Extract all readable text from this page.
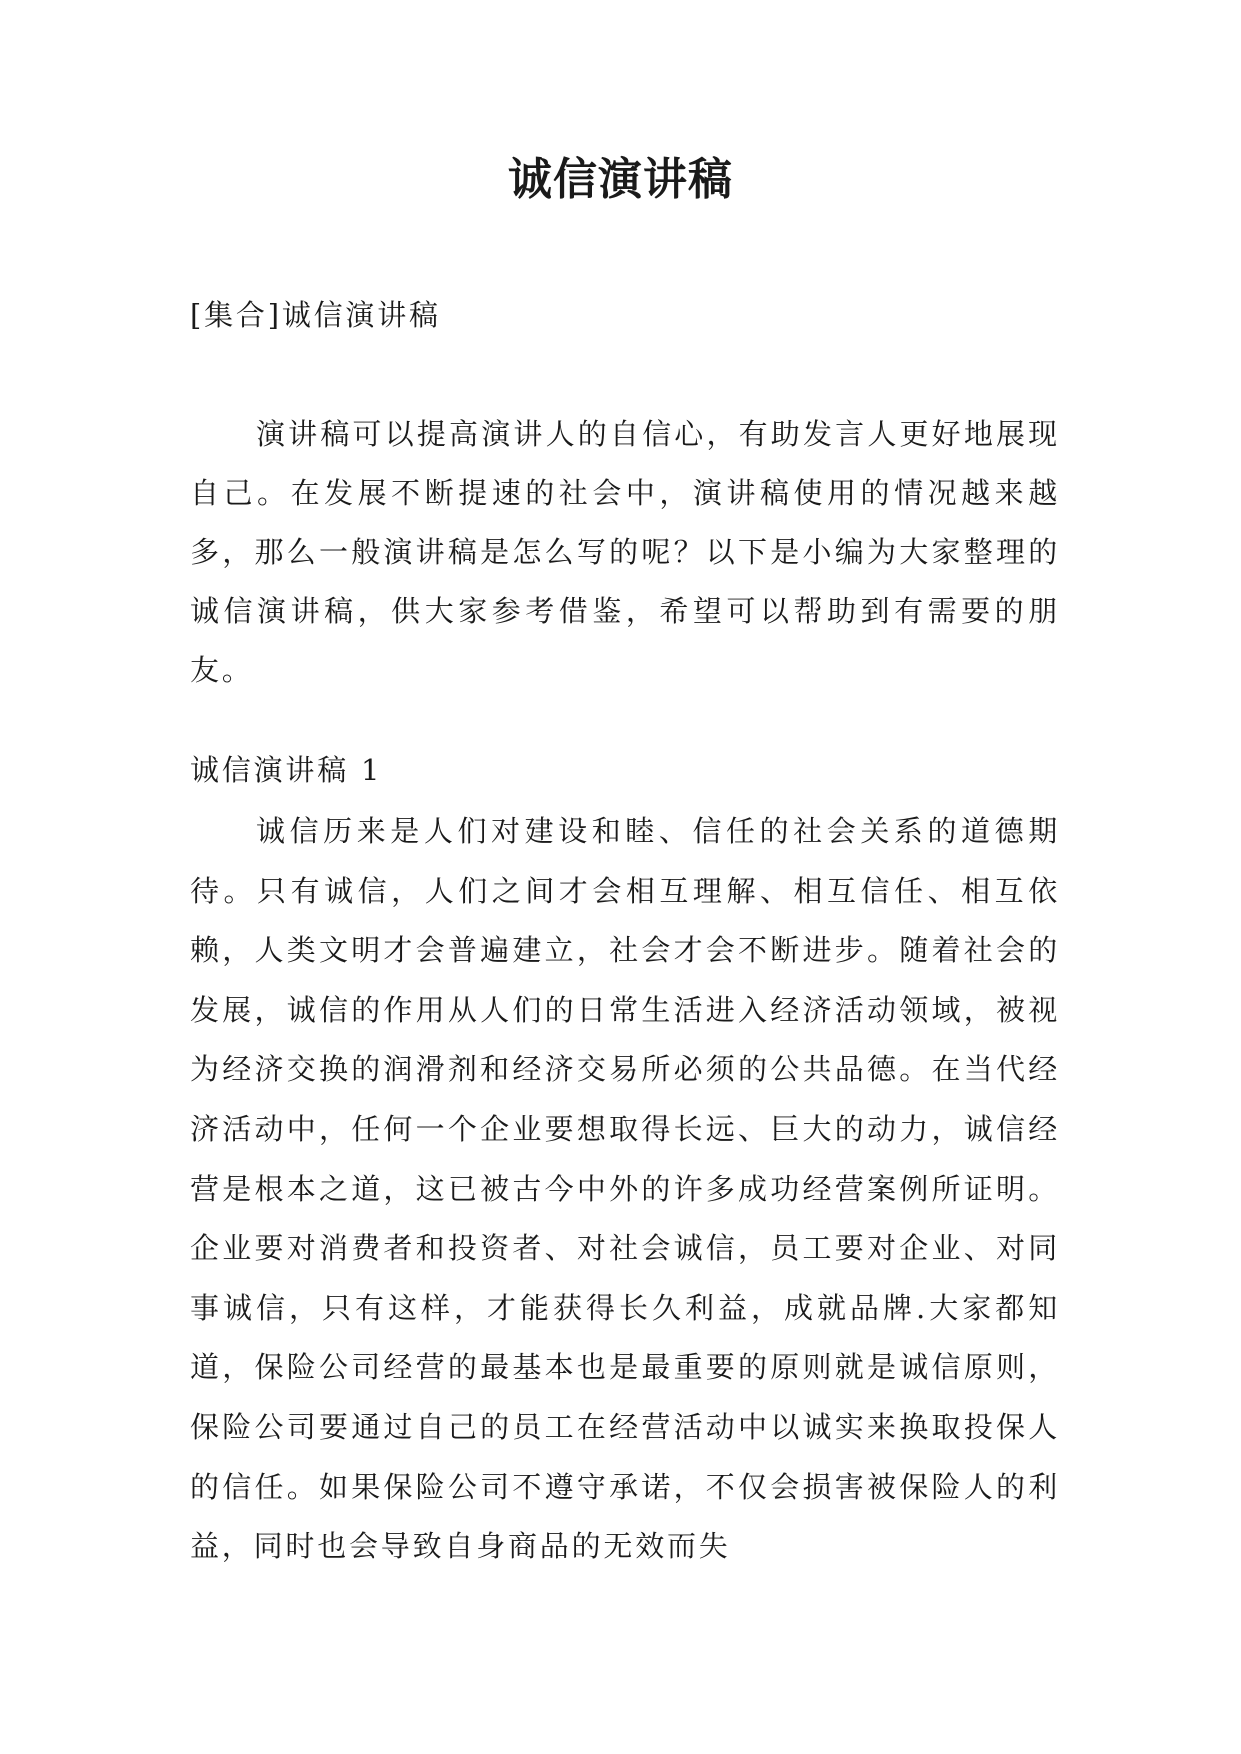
诚信演讲稿
[集合]诚信演讲稿
演讲稿可以提高演讲人的自信心，有助发言人更好地展现自己。在发展不断提速的社会中，演讲稿使用的情况越来越多，那么一般演讲稿是怎么写的呢？以下是小编为大家整理的诚信演讲稿，供大家参考借鉴，希望可以帮助到有需要的朋友。
诚信演讲稿 1
诚信历来是人们对建设和睦、信任的社会关系的道德期待。只有诚信，人们之间才会相互理解、相互信任、相互依赖，人类文明才会普遍建立，社会才会不断进步。随着社会的发展，诚信的作用从人们的日常生活进入经济活动领域，被视为经济交换的润滑剂和经济交易所必须的公共品德。在当代经济活动中，任何一个企业要想取得长远、巨大的动力，诚信经营是根本之道，这已被古今中外的许多成功经营案例所证明。企业要对消费者和投资者、对社会诚信，员工要对企业、对同事诚信，只有这样，才能获得长久利益，成就品牌.大家都知道，保险公司经营的最基本也是最重要的原则就是诚信原则，保险公司要通过自己的员工在经营活动中以诚实来换取投保人的信任。如果保险公司不遵守承诺，不仅会损害被保险人的利益，同时也会导致自身商品的无效而失
